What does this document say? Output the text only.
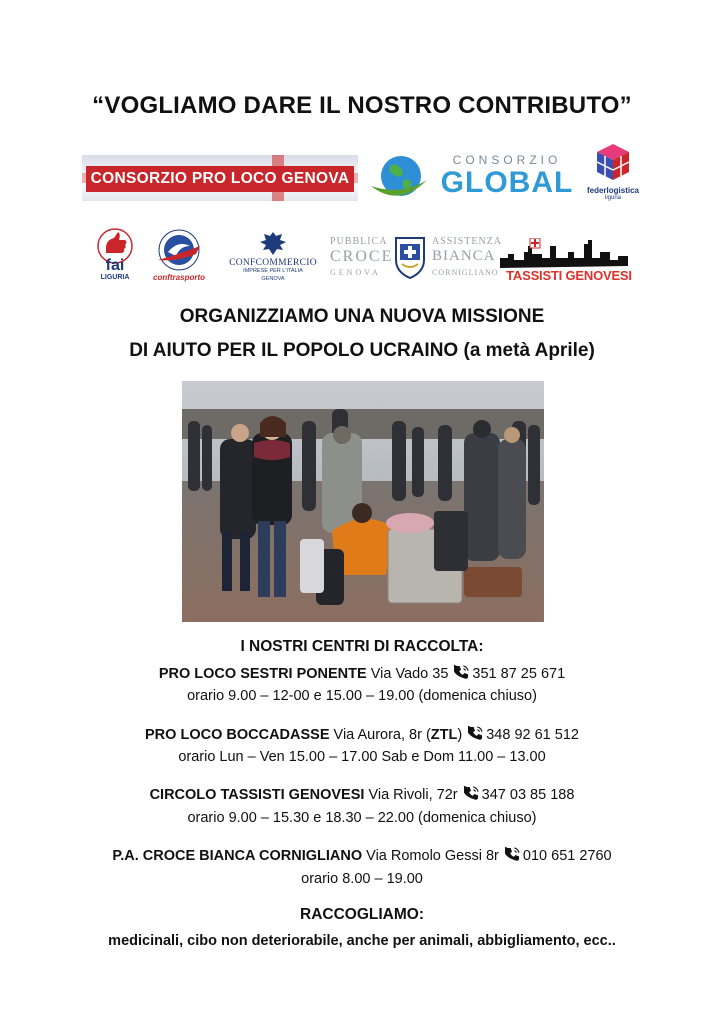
“VOGLIAMO DARE IL NOSTRO CONTRIBUTO”
CONSORZIO PRO LOCO GENOVA
CONSORZIO
GLOBAL	federlogistica
liguria
fai
LIGURIA	conftrasporto
CONFCOMMERCIO
IMPRESE PER L'ITALIA
GENOVA
PUBBLICA
CROCE
GENOVA
ASSISTENZA
BIANCA
CORNIGLIANO TASSISTI GENOVESI
ORGANIZZIAMO UNA NUOVA MISSIONE
DI AIUTO PER IL POPOLO UCRAINO (a metà Aprile)
I NOSTRI CENTRI DI RACCOLTA:
PRO LOCO SESTRI PONENTE Via Vado 35 351 87 25 671
orario 9.00 – 12-00 e 15.00 – 19.00 (domenica chiuso)
PRO LOCO BOCCADASSE Via Aurora, 8r (ZTL) 348 92 61 512
orario Lun – Ven 15.00 – 17.00 Sab e Dom 11.00 – 13.00
CIRCOLO TASSISTI GENOVESI Via Rivoli, 72r 347 03 85 188
orario 9.00 – 15.30 e 18.30 – 22.00 (domenica chiuso)
P.A. CROCE BIANCA CORNIGLIANO Via Romolo Gessi 8r 010 651 2760
orario 8.00 – 19.00
RACCOGLIAMO:
medicinali, cibo non deteriorabile, anche per animali, abbigliamento, ecc..
